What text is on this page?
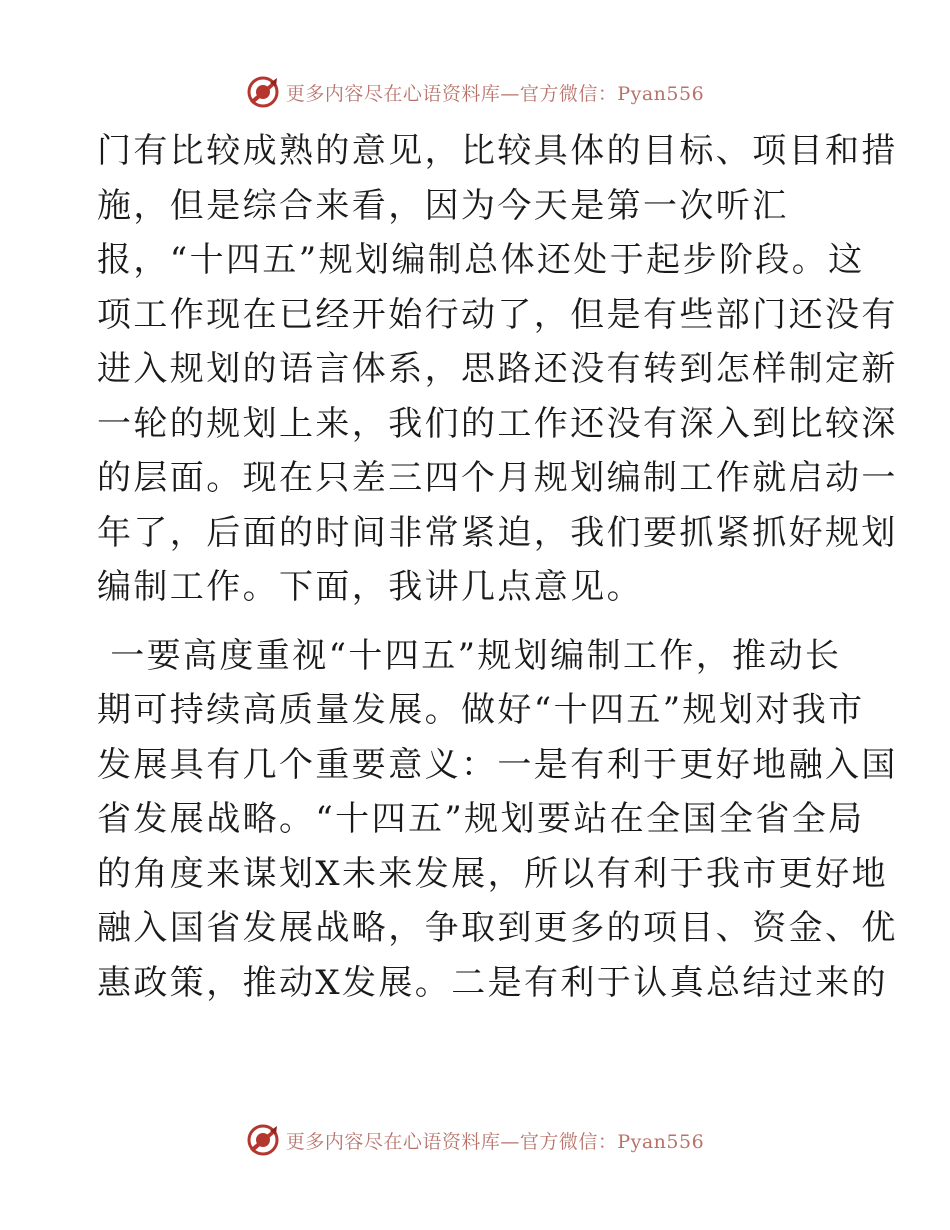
更多内容尽在心语资料库—官方微信：Pyan556
门有比较成熟的意见，比较具体的目标、项目和措
施，但是综合来看，因为今天是第一次听汇
报，“十四五”规划编制总体还处于起步阶段。这
项工作现在已经开始行动了，但是有些部门还没有
进入规划的语言体系，思路还没有转到怎样制定新
一轮的规划上来，我们的工作还没有深入到比较深
的层面。现在只差三四个月规划编制工作就启动一
年了，后面的时间非常紧迫，我们要抓紧抓好规划
编制工作。下面，我讲几点意见。
一要高度重视“十四五”规划编制工作，推动长
期可持续高质量发展。做好“十四五”规划对我市
发展具有几个重要意义：一是有利于更好地融入国
省发展战略。“十四五”规划要站在全国全省全局
的角度来谋划X未来发展，所以有利于我市更好地
融入国省发展战略，争取到更多的项目、资金、优
惠政策，推动X发展。二是有利于认真总结过来的
更多内容尽在心语资料库—官方微信：Pyan556
